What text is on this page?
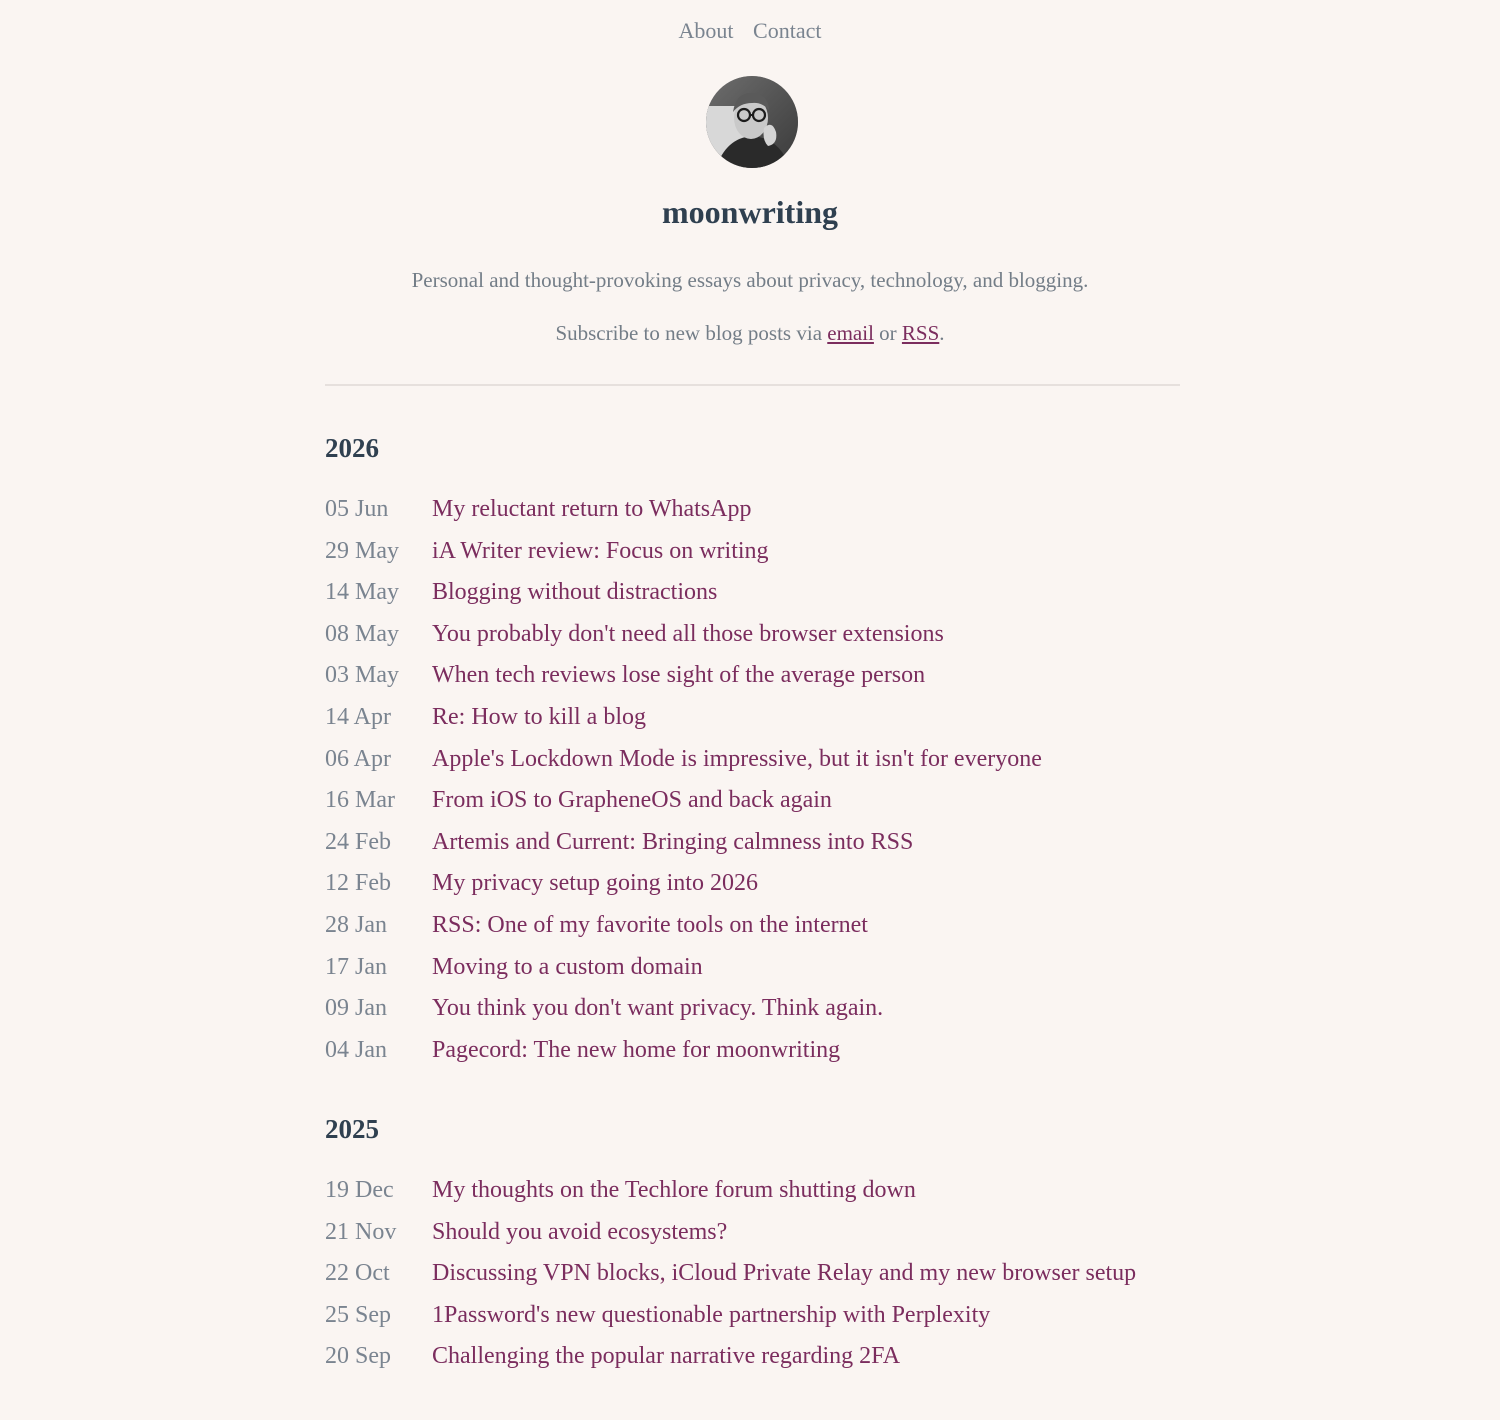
About Contact
moonwriting

Personal and thought-provoking essays about privacy, technology, and blogging.

Subscribe to new blog posts via email or RSS.

2026
05 Jun	My reluctant return to WhatsApp
29 May	iA Writer review: Focus on writing
14 May	Blogging without distractions
08 May	You probably don't need all those browser extensions
03 May	When tech reviews lose sight of the average person
14 Apr	Re: How to kill a blog
06 Apr	Apple's Lockdown Mode is impressive, but it isn't for everyone
16 Mar	From iOS to GrapheneOS and back again
24 Feb	Artemis and Current: Bringing calmness into RSS
12 Feb	My privacy setup going into 2026
28 Jan	RSS: One of my favorite tools on the internet
17 Jan	Moving to a custom domain
09 Jan	You think you don't want privacy. Think again.
04 Jan	Pagecord: The new home for moonwriting
2025
19 Dec	My thoughts on the Techlore forum shutting down
21 Nov	Should you avoid ecosystems?
22 Oct	Discussing VPN blocks, iCloud Private Relay and my new browser setup
25 Sep	1Password's new questionable partnership with Perplexity
20 Sep	Challenging the popular narrative regarding 2FA
